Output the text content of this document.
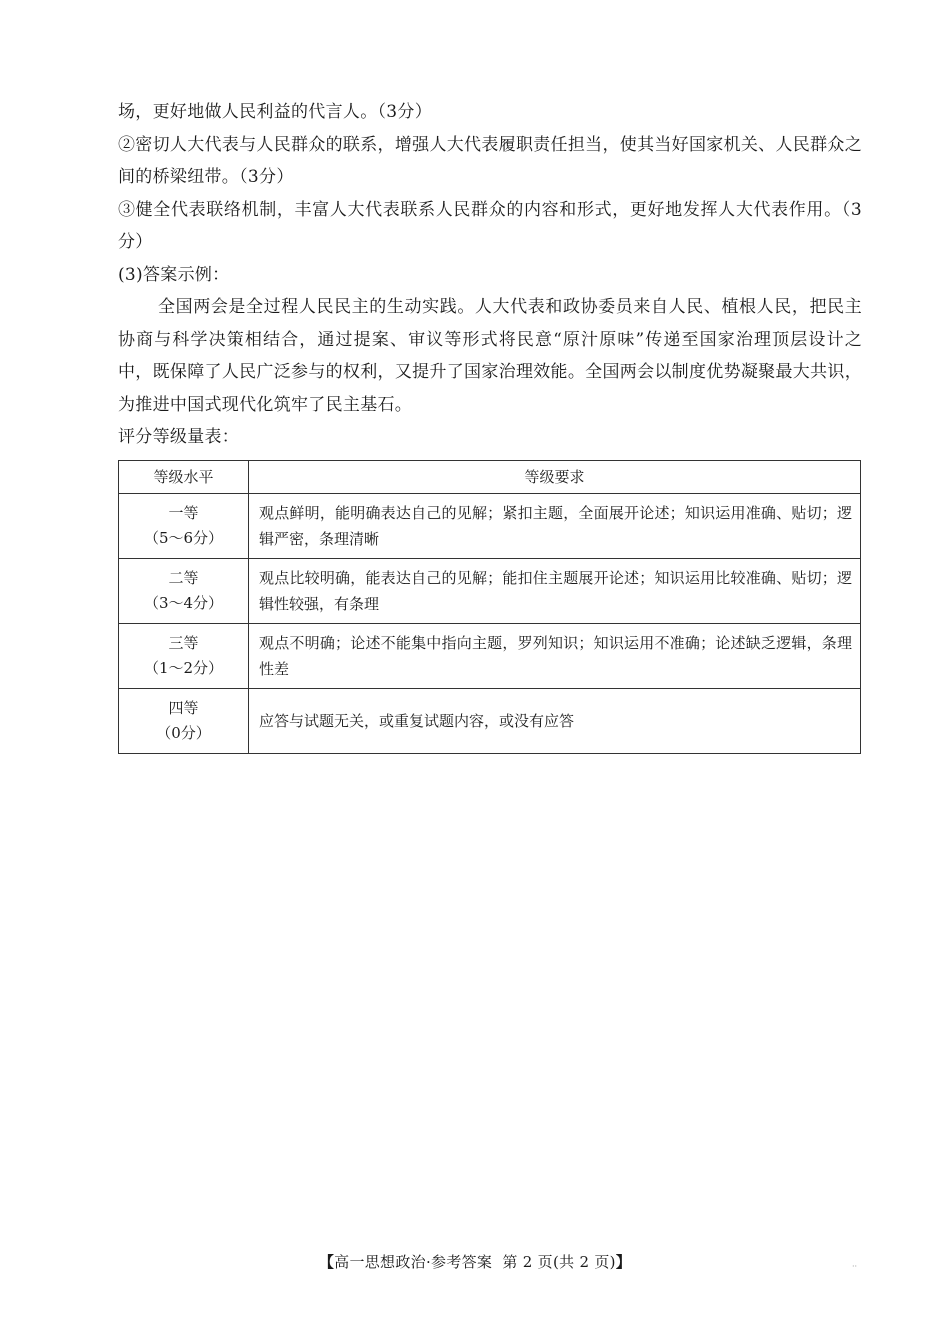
场，更好地做人民利益的代言人。（3分）

②密切人大代表与人民群众的联系，增强人大代表履职责任担当，使其当好国家机关、人民群众之间的桥梁纽带。（3分）

③健全代表联络机制，丰富人大代表联系人民群众的内容和形式，更好地发挥人大代表作用。（3分）

(3)答案示例：

全国两会是全过程人民民主的生动实践。人大代表和政协委员来自人民、植根人民，把民主协商与科学决策相结合，通过提案、审议等形式将民意“原汁原味”传递至国家治理顶层设计之中，既保障了人民广泛参与的权利，又提升了国家治理效能。全国两会以制度优势凝聚最大共识，为推进中国式现代化筑牢了民主基石。

评分等级量表：

等级水平	等级要求

一等
（5～6分）	观点鲜明，能明确表达自己的见解；紧扣主题，全面展开论述；知识运用准确、贴切；逻辑严密，条理清晰

二等
（3～4分）	观点比较明确，能表达自己的见解；能扣住主题展开论述；知识运用比较准确、贴切；逻辑性较强，有条理

三等
（1～2分）	观点不明确；论述不能集中指向主题，罗列知识；知识运用不准确；论述缺乏逻辑，条理性差

四等
（0分）	应答与试题无关，或重复试题内容，或没有应答
【高一思想政治·参考答案 第 2 页(共 2 页)】	··
